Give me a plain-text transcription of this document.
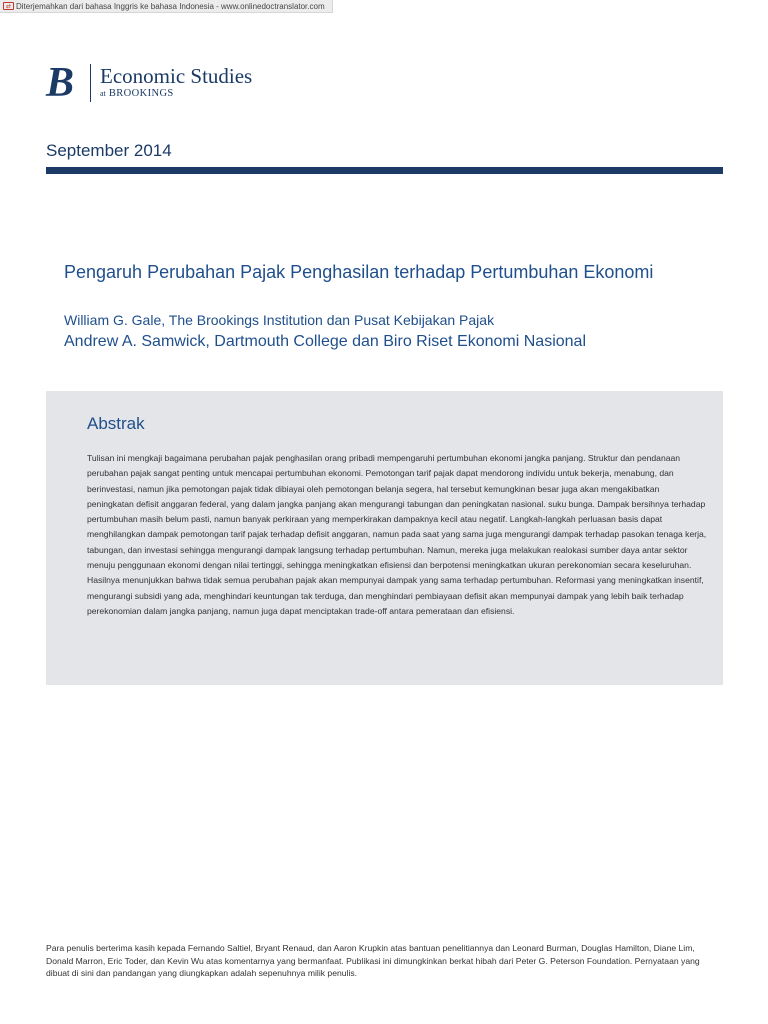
⇄ Diterjemahkan dari bahasa Inggris ke bahasa Indonesia - www.onlinedoctranslator.com
B	Economic Studies
at BROOKINGS
September 2014
Pengaruh Perubahan Pajak Penghasilan terhadap Pertumbuhan Ekonomi
William G. Gale, The Brookings Institution dan Pusat Kebijakan Pajak
Andrew A. Samwick, Dartmouth College dan Biro Riset Ekonomi Nasional
Abstrak
Tulisan ini mengkaji bagaimana perubahan pajak penghasilan orang pribadi mempengaruhi pertumbuhan ekonomi jangka panjang. Struktur dan pendanaan perubahan pajak sangat penting untuk mencapai pertumbuhan ekonomi. Pemotongan tarif pajak dapat mendorong individu untuk bekerja, menabung, dan berinvestasi, namun jika pemotongan pajak tidak dibiayai oleh pemotongan belanja segera, hal tersebut kemungkinan besar juga akan mengakibatkan peningkatan defisit anggaran federal, yang dalam jangka panjang akan mengurangi tabungan dan peningkatan nasional. suku bunga. Dampak bersihnya terhadap pertumbuhan masih belum pasti, namun banyak perkiraan yang memperkirakan dampaknya kecil atau negatif. Langkah-langkah perluasan basis dapat menghilangkan dampak pemotongan tarif pajak terhadap defisit anggaran, namun pada saat yang sama juga mengurangi dampak terhadap pasokan tenaga kerja, tabungan, dan investasi sehingga mengurangi dampak langsung terhadap pertumbuhan. Namun, mereka juga melakukan realokasi sumber daya antar sektor menuju penggunaan ekonomi dengan nilai tertinggi, sehingga meningkatkan efisiensi dan berpotensi meningkatkan ukuran perekonomian secara keseluruhan. Hasilnya menunjukkan bahwa tidak semua perubahan pajak akan mempunyai dampak yang sama terhadap pertumbuhan. Reformasi yang meningkatkan insentif, mengurangi subsidi yang ada, menghindari keuntungan tak terduga, dan menghindari pembiayaan defisit akan mempunyai dampak yang lebih baik terhadap perekonomian dalam jangka panjang, namun juga dapat menciptakan trade-off antara pemerataan dan efisiensi.
Para penulis berterima kasih kepada Fernando Saltiel, Bryant Renaud, dan Aaron Krupkin atas bantuan penelitiannya dan Leonard Burman, Douglas Hamilton, Diane Lim, Donald Marron, Eric Toder, dan Kevin Wu atas komentarnya yang bermanfaat. Publikasi ini dimungkinkan berkat hibah dari Peter G. Peterson Foundation. Pernyataan yang dibuat di sini dan pandangan yang diungkapkan adalah sepenuhnya milik penulis.
